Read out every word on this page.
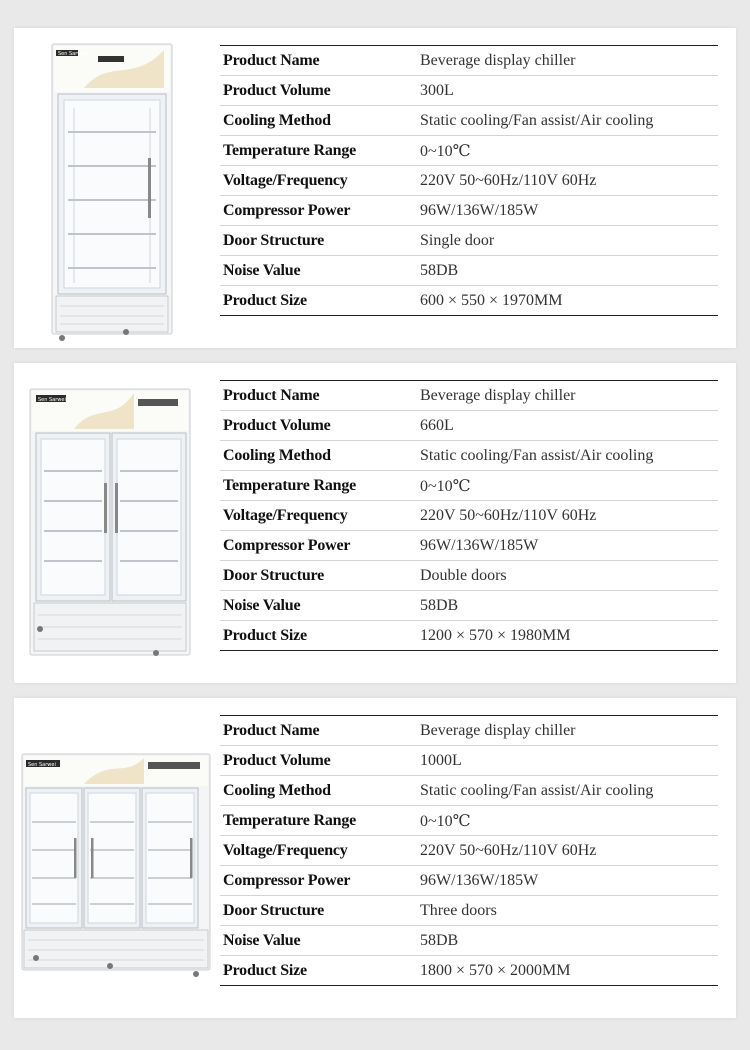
Sen Sarwei	Product Name	Beverage display chiller
Product Volume	300L
Cooling Method	Static cooling/Fan assist/Air cooling
Temperature Range	0~10℃
Voltage/Frequency	220V 50~60Hz/110V 60Hz
Compressor Power	96W/136W/185W
Door Structure	Single door
Noise Value	58DB
Product Size	600 × 550 × 1970MM
Sen Sarwei	Product Name	Beverage display chiller
Product Volume	660L
Cooling Method	Static cooling/Fan assist/Air cooling
Temperature Range	0~10℃
Voltage/Frequency	220V 50~60Hz/110V 60Hz
Compressor Power	96W/136W/185W
Door Structure	Double doors
Noise Value	58DB
Product Size	1200 × 570 × 1980MM
Sen Sarwei
Product Name	Beverage display chiller
Product Volume	1000L
Cooling Method	Static cooling/Fan assist/Air cooling
Temperature Range	0~10℃
Voltage/Frequency	220V 50~60Hz/110V 60Hz
Compressor Power	96W/136W/185W
Door Structure	Three doors
Noise Value	58DB
Product Size	1800 × 570 × 2000MM
